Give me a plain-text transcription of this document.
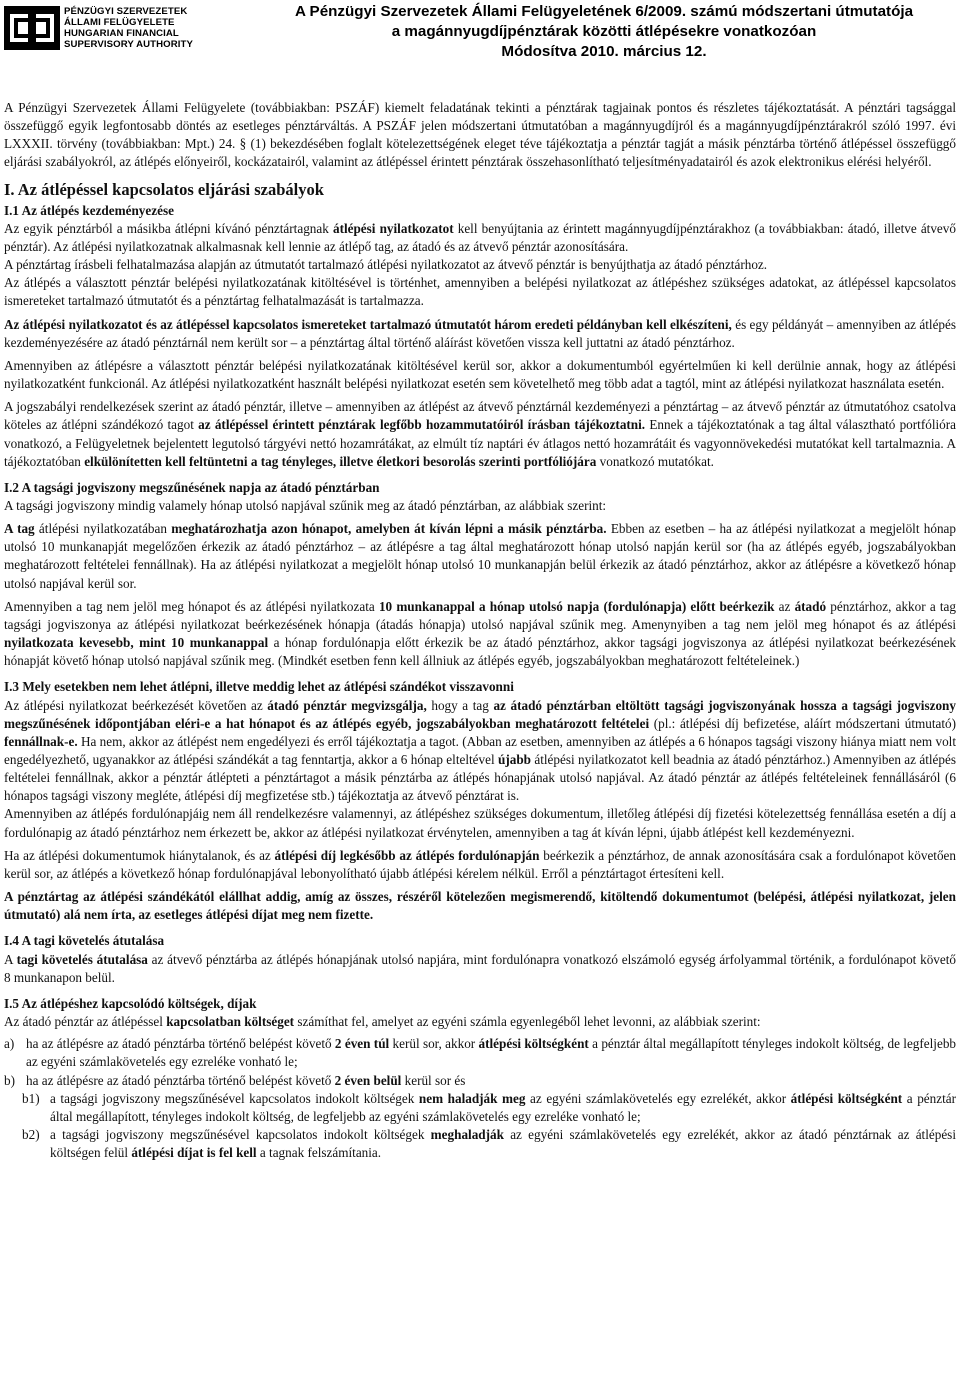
PÉNZÜGYI SZERVEZETEK
ÁLLAMI FELÜGYELETE
HUNGARIAN FINANCIAL
SUPERVISORY AUTHORITY
A Pénzügyi Szervezetek Állami Felügyeletének 6/2009. számú módszertani útmutatója
a magánnyugdíjpénztárak közötti átlépésekre vonatkozóan
Módosítva 2010. március 12.

A Pénzügyi Szervezetek Állami Felügyelete (továbbiakban: PSZÁF) kiemelt feladatának tekinti a pénztárak tagjainak pontos és részletes tájékoztatását. A pénztári tagsággal összefüggő egyik legfontosabb döntés az esetleges pénztárváltás. A PSZÁF jelen módszertani útmutatóban a magánnyugdíjról és a magánnyugdíjpénztárakról szóló 1997. évi LXXXII. törvény (továbbiakban: Mpt.) 24. § (1) bekezdésében foglalt kötelezettségének eleget téve tájékoztatja a pénztár tagját a másik pénztárba történő átlépéssel összefüggő eljárási szabályokról, az átlépés előnyeiről, kockázatairól, valamint az átlépéssel érintett pénztárak összehasonlítható teljesítményadatairól és azok elektronikus elérési helyéről.

I. Az átlépéssel kapcsolatos eljárási szabályok
I.1 Az átlépés kezdeményezése

Az egyik pénztárból a másikba átlépni kívánó pénztártagnak átlépési nyilatkozatot kell benyújtania az érintett magánnyugdíjpénztárakhoz (a továbbiakban: átadó, illetve átvevő pénztár). Az átlépési nyilatkozatnak alkalmasnak kell lennie az átlépő tag, az átadó és az átvevő pénztár azonosítására.

A pénztártag írásbeli felhatalmazása alapján az útmutatót tartalmazó átlépési nyilatkozatot az átvevő pénztár is benyújthatja az átadó pénztárhoz.

Az átlépés a választott pénztár belépési nyilatkozatának kitöltésével is történhet, amennyiben a belépési nyilatkozat az átlépéshez szükséges adatokat, az átlépéssel kapcsolatos ismereteket tartalmazó útmutatót és a pénztártag felhatalmazását is tartalmazza.

Az átlépési nyilatkozatot és az átlépéssel kapcsolatos ismereteket tartalmazó útmutatót három eredeti példányban kell elkészíteni, és egy példányát – amennyiben az átlépés kezdeményezésére az átadó pénztárnál nem került sor – a pénztártag által történő aláírást követően vissza kell juttatni az átadó pénztárhoz.

Amennyiben az átlépésre a választott pénztár belépési nyilatkozatának kitöltésével kerül sor, akkor a dokumentumból egyértelműen ki kell derülnie annak, hogy az átlépési nyilatkozatként funkcionál. Az átlépési nyilatkozatként használt belépési nyilatkozat esetén sem követelhető meg több adat a tagtól, mint az átlépési nyilatkozat használata esetén.

A jogszabályi rendelkezések szerint az átadó pénztár, illetve – amennyiben az átlépést az átvevő pénztárnál kezdeményezi a pénztártag – az átvevő pénztár az útmutatóhoz csatolva köteles az átlépni szándékozó tagot az átlépéssel érintett pénztárak legfőbb hozammutatóiról írásban tájékoztatni. Ennek a tájékoztatónak a tag által választható portfólióra vonatkozó, a Felügyeletnek bejelentett legutolsó tárgyévi nettó hozamrátákat, az elmúlt tíz naptári év átlagos nettó hozamrátáit és vagyonnövekedési mutatókat kell tartalmaznia. A tájékoztatóban elkülönítetten kell feltüntetni a tag tényleges, illetve életkori besorolás szerinti portfóliójára vonatkozó mutatókat.

I.2 A tagsági jogviszony megszűnésének napja az átadó pénztárban

A tagsági jogviszony mindig valamely hónap utolsó napjával szűnik meg az átadó pénztárban, az alábbiak szerint:

A tag átlépési nyilatkozatában meghatározhatja azon hónapot, amelyben át kíván lépni a másik pénztárba. Ebben az esetben – ha az átlépési nyilatkozat a megjelölt hónap utolsó 10 munkanapját megelőzően érkezik az átadó pénztárhoz – az átlépésre a tag által meghatározott hónap utolsó napján kerül sor (ha az átlépés egyéb, jogszabályokban meghatározott feltételei fennállnak). Ha az átlépési nyilatkozat a megjelölt hónap utolsó 10 munkanapján belül érkezik az átadó pénztárhoz, akkor az átlépésre a következő hónap utolsó napjával kerül sor.

Amennyiben a tag nem jelöl meg hónapot és az átlépési nyilatkozata 10 munkanappal a hónap utolsó napja (fordulónapja) előtt beérkezik az átadó pénztárhoz, akkor a tag tagsági jogviszonya az átlépési nyilatkozat beérkezésének hónapja (átadás hónapja) utolsó napjával szűnik meg. Amenynyiben a tag nem jelöl meg hónapot és az átlépési nyilatkozata kevesebb, mint 10 munkanappal a hónap fordulónapja előtt érkezik be az átadó pénztárhoz, akkor tagsági jogviszonya az átlépési nyilatkozat beérkezésének hónapját követő hónap utolsó napjával szűnik meg. (Mindkét esetben fenn kell állniuk az átlépés egyéb, jogszabályokban meghatározott feltételeinek.)

I.3 Mely esetekben nem lehet átlépni, illetve meddig lehet az átlépési szándékot visszavonni

Az átlépési nyilatkozat beérkezését követően az átadó pénztár megvizsgálja, hogy a tag az átadó pénztárban eltöltött tagsági jogviszonyának hossza a tagsági jogviszony megszűnésének időpontjában eléri-e a hat hónapot és az átlépés egyéb, jogszabályokban meghatározott feltételei (pl.: átlépési díj befizetése, aláírt módszertani útmutató) fennállnak-e. Ha nem, akkor az átlépést nem engedélyezi és erről tájékoztatja a tagot. (Abban az esetben, amennyiben az átlépés a 6 hónapos tagsági viszony hiánya miatt nem volt engedélyezhető, ugyanakkor az átlépési szándékát a tag fenntartja, akkor a 6 hónap elteltével újabb átlépési nyilatkozatot kell beadnia az átadó pénztárhoz.) Amennyiben az átlépés feltételei fennállnak, akkor a pénztár átlépteti a pénztártagot a másik pénztárba az átlépés hónapjának utolsó napjával. Az átadó pénztár az átlépés feltételeinek fennállásáról (6 hónapos tagsági viszony megléte, átlépési díj megfizetése stb.) tájékoztatja az átvevő pénztárat is.

Amennyiben az átlépés fordulónapjáig nem áll rendelkezésre valamennyi, az átlépéshez szükséges dokumentum, illetőleg átlépési díj fizetési kötelezettség fennállása esetén a díj a fordulónapig az átadó pénztárhoz nem érkezett be, akkor az átlépési nyilatkozat érvénytelen, amennyiben a tag át kíván lépni, újabb átlépést kell kezdeményezni.

Ha az átlépési dokumentumok hiánytalanok, és az átlépési díj legkésőbb az átlépés fordulónapján beérkezik a pénztárhoz, de annak azonosítására csak a fordulónapot követően kerül sor, az átlépés a következő hónap fordulónapjával lebonyolítható újabb átlépési kérelem nélkül. Erről a pénztártagot értesíteni kell.

A pénztártag az átlépési szándékától elállhat addig, amíg az összes, részéről kötelezően megismerendő, kitöltendő dokumentumot (belépési, átlépési nyilatkozat, jelen útmutató) alá nem írta, az esetleges átlépési díjat meg nem fizette.

I.4 A tagi követelés átutalása

A tagi követelés átutalása az átvevő pénztárba az átlépés hónapjának utolsó napjára, mint fordulónapra vonatkozó elszámoló egység árfolyammal történik, a fordulónapot követő 8 munkanapon belül.

I.5 Az átlépéshez kapcsolódó költségek, díjak

Az átadó pénztár az átlépéssel kapcsolatban költséget számíthat fel, amelyet az egyéni számla egyenlegéből lehet levonni, az alábbiak szerint:

a) ha az átlépésre az átadó pénztárba történő belépést követő 2 éven túl kerül sor, akkor átlépési költségként a pénztár által megállapított tényleges indokolt költség, de legfeljebb az egyéni számlakövetelés egy ezreléke vonható le;
b) ha az átlépésre az átadó pénztárba történő belépést követő 2 éven belül kerül sor és
b1) a tagsági jogviszony megszűnésével kapcsolatos indokolt költségek nem haladják meg az egyéni számlakövetelés egy ezrelékét, akkor átlépési költségként a pénztár által megállapított, tényleges indokolt költség, de legfeljebb az egyéni számlakövetelés egy ezreléke vonható le;
b2) a tagsági jogviszony megszűnésével kapcsolatos indokolt költségek meghaladják az egyéni számlakövetelés egy ezrelékét, akkor az átadó pénztárnak az átlépési költségen felül átlépési díjat is fel kell a tagnak felszámítania.
